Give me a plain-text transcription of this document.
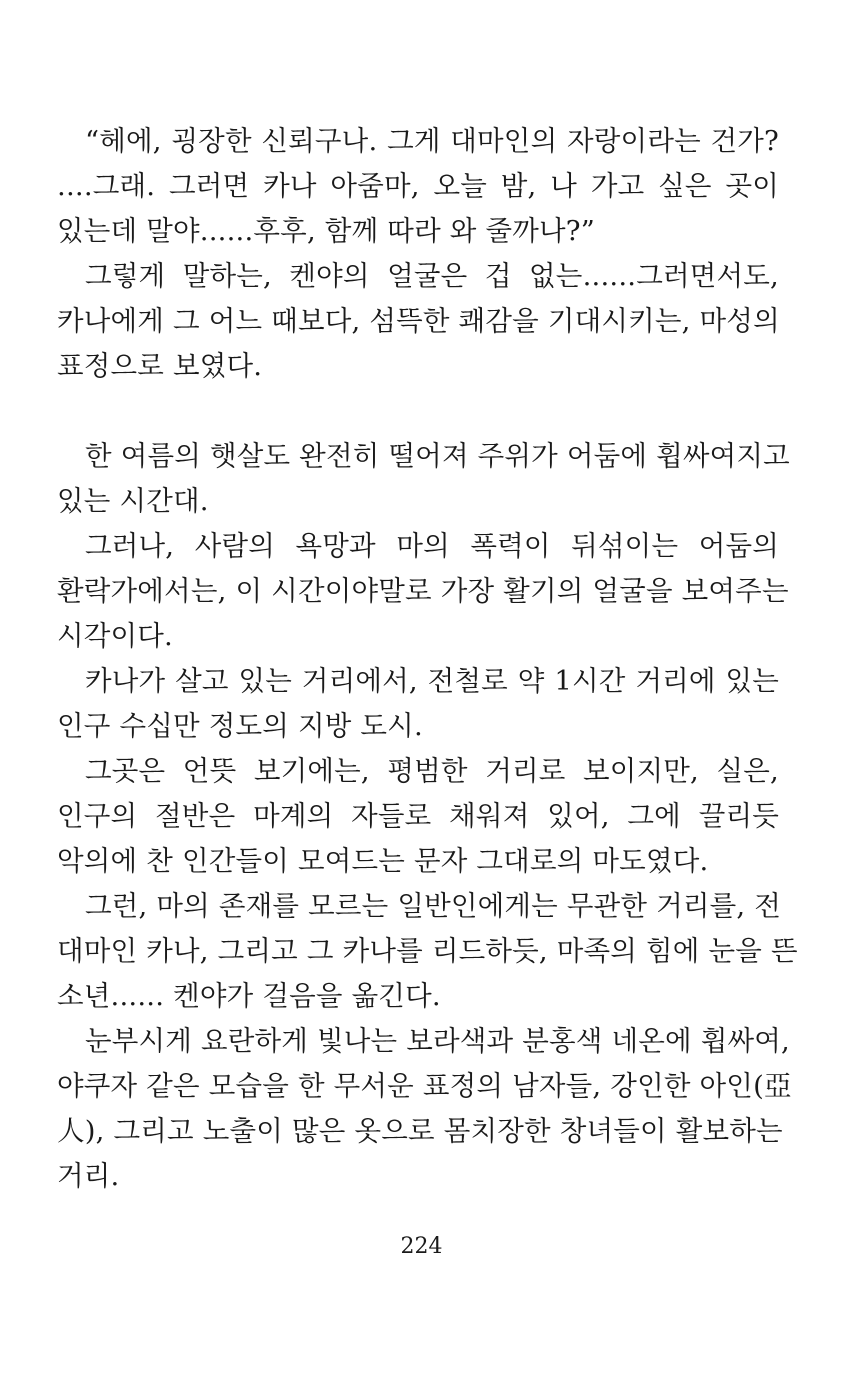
“헤에, 굉장한 신뢰구나. 그게 대마인의 자랑이라는 건가?
....그래. 그러면 카나 아줌마, 오늘 밤, 나 가고 싶은 곳이
있는데 말야......후후, 함께 따라 와 줄까나?”
그렇게 말하는, 켄야의 얼굴은 겁 없는......그러면서도,
카나에게 그 어느 때보다, 섬뜩한 쾌감을 기대시키는, 마성의
표정으로 보였다.
한 여름의 햇살도 완전히 떨어져 주위가 어둠에 휩싸여지고
있는 시간대.
그러나, 사람의 욕망과 마의 폭력이 뒤섞이는 어둠의
환락가에서는, 이 시간이야말로 가장 활기의 얼굴을 보여주는
시각이다.
카나가 살고 있는 거리에서, 전철로 약 1시간 거리에 있는
인구 수십만 정도의 지방 도시.
그곳은 언뜻 보기에는, 평범한 거리로 보이지만, 실은,
인구의 절반은 마계의 자들로 채워져 있어, 그에 끌리듯
악의에 찬 인간들이 모여드는 문자 그대로의 마도였다.
그런, 마의 존재를 모르는 일반인에게는 무관한 거리를, 전
대마인 카나, 그리고 그 카나를 리드하듯, 마족의 힘에 눈을 뜬
소년...... 켄야가 걸음을 옮긴다.
눈부시게 요란하게 빛나는 보라색과 분홍색 네온에 휩싸여,
야쿠자 같은 모습을 한 무서운 표정의 남자들, 강인한 아인(亞
人), 그리고 노출이 많은 옷으로 몸치장한 창녀들이 활보하는
거리.
224
